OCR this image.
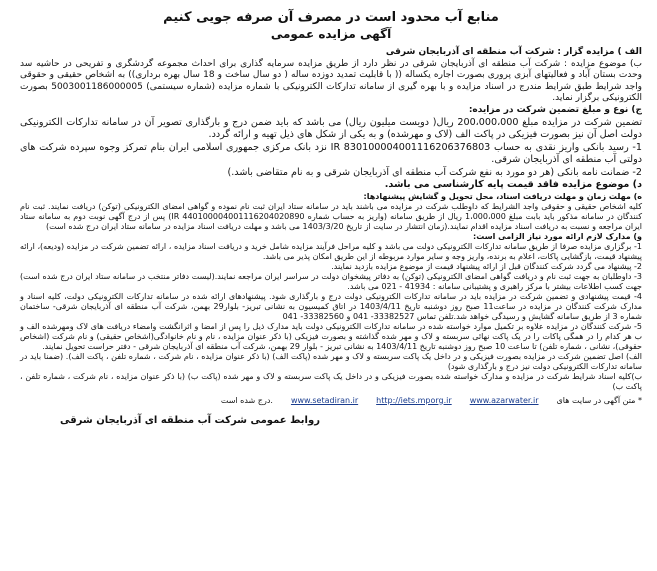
منابع آب محدود است در مصرف آن صرفه جویی کنیم
آگهی مزایده عمومی

الف ) مزایده گزار : شرکت آب منطقه ای آذربایجان شرقی

ب) موضوع مزایده : شرکت آب منطقه ای آذربایجان شرقی در نظر دارد از طریق مزایده سرمایه گذاری برای احداث مجموعه گردشگری و تفریحی در حاشیه سد وحدت بستان آباد و فعالیتهای آبزی پروری بصورت اجاره یکساله (( با قابلیت تمدید دوزده ساله ( دو سال ساخت و 18 سال بهره برداری)) به اشخاص حقیقی و حقوقی واجد شرایط طبق شرایط مندرج در اسناد مزایده و با بهره گیری از سامانه تدارکات الکترونیکی با شماره مزایده (شماره سیستمی) 5003001186000005 بصورت الکترونیکی برگزار نماید.

ج) نوع و مبلغ تضمین شرکت در مزایده:

تضمین شرکت در مزایده مبلغ 200،000،000 ریال( دویست میلیون ریال) می باشد که باید ضمن درج و بارگذاری تصویر آن در سامانه تدارکات الکترونیکی دولت اصل آن نیز بصورت فیزیکی در پاکت الف (لاک و مهرشده) و به یکی از شکل های ذیل تهیه و ارائه گردد.

1- رسید بانکی واریز نقدی به حساب IR 830100004001116206376803 نزد بانک مرکزی جمهوری اسلامی ایران بنام تمرکز وجوه سپرده شرکت های دولتی آب منطقه ای آذربایجان شرقی.

2- ضمانت نامه بانکی (هر دو مورد به نفع شرکت آب منطقه ای آذربایجان شرقی و به نام متقاضی باشد.)

د) موضوع مزایده فاقد قیمت پایه کارشناسی می باشد.

ه) مهلت زمان و مهلت دریافت اسناد، محل تحویل و گشایش پیشنهادها:

کلیه اشخاص حقیقی و حقوقی واجد الشرایط که داوطلب شرکت در مزایده می باشند باید در سامانه ستاد ایران ثبت نام نموده و گواهی امضای الکترونیکی (توکن) دریافت نمایند. ثبت نام کنندگان در سامانه مذکور باید بابت مبلغ 1،000،000 ریال از طریق سامانه (واریز به حساب شماره IR 440100004001116204020890) پس از درج آگهی نوبت دوم به سامانه ستاد ایران مراجعه و نسبت به دریافت اسناد مزایده اقدام نمایند.(زمان انتشار در سایت از تاریخ 1403/3/20 می باشد و مهلت دریافت اسناد مزایده در سامانه ستاد ایران درج شده است)

و) مدارک لازم ارائه مورد نیاز الزامی است:

1- برگزاری مزایده صرفا از طریق سامانه تدارکات الکترونیکی دولت می باشد و کلیه مراحل فرآیند مزایده شامل خرید و دریافت اسناد مزایده ، ارائه تضمین شرکت در مزایده (ودیعه)، ارائه پیشنهاد قیمت، بازگشایی پاکات، اعلام به برنده، واریز وجه و سایر موارد مربوطه از این طریق امکان پذیر می باشد.

2- پیشنهاد می گردد شرکت کنندگان قبل از ارائه پیشنهاد قیمت از موضوع مزایده بازدید نمایند.

3- داوطلبان به جهت ثبت نام و دریافت گواهی امضای الکترونیکی (توکن) به دفاتر پیشخوان دولت در سراسر ایران مراجعه نمایند.(لیست دفاتر منتخب در سامانه ستاد ایران درج شده است) جهت کسب اطلاعات بیشتر با مرکز راهبری و پشتیبانی سامانه : 41934 - 021 می باشد.

4- قیمت پیشنهادی و تضمین شرکت در مزایده باید در سامانه تدارکات الکترونیکی دولت درج و بارگذاری شود. پیشنهادهای ارائه شده در سامانه تدارکات الکترونیکی دولت، کلیه اسناد و مدارک شرکت کنندگان در مزایده در ساعت11 صبح روز دوشنبه تاریخ 1403/4/11 در اتاق کمیسیون به نشانی تبریز- بلوار29 بهمن، شرکت آب منطقه ای آذربایجان شرقی- ساختمان شماره 3 از طریق سامانه گشایش و رسیدگی خواهد شد.تلفن تماس 33382527- 041 و 33382560- 041

5- شرکت کنندگان در مزایده علاوه بر تکمیل موارد خواسته شده در سامانه تدارکات الکترونیکی دولت باید مدارک ذیل را پس از امضا و اثرانگشت وامضاء دریافت های لاک ومهرشده الف و ب هر کدام را در همگی پاکات را در یک پاکت نهائی سربسته و لاک و مهر شده گذاشته و بصورت فیزیکی (با ذکر عنوان مزایده ، نام و نام خانوادگی(اشخاص حقیقی) و نام شرکت (اشخاص حقوقی)، نشانی ، شماره تلفن) تا ساعت 10 صبح روز دوشنبه تاریخ 1403/4/11 به نشانی تبریز - بلوار 29 بهمن، شرکت آب منطقه ای آذربایجان شرقی - دفتر حراست تحویل نمایند.

الف) اصل تضمین شرکت در مزایده بصورت فیزیکی و در داخل یک پاکت سربسته و لاک و مهر شده (پاکت الف) (با ذکر عنوان مزایده ، نام شرکت ، شماره تلفن ، پاکت الف). (ضمنا باید در سامانه تدارکات الکترونیکی دولت نیز درج و بارگذاری شود)

ب)کلیه اسناد شرایط شرکت در مزایده و مدارک خواسته شده بصورت فیزیکی و در داخل یک پاکت سربسته و لاک و مهر شده (پاکت ب) (با ذکر عنوان مزایده ، نام شرکت ، شماره تلفن ، پاکت ب)

درج شده است. www.setadiran.ir http://iets.mporg.ir www.azarwater.ir * متن آگهی در سایت های
روابط عمومی شرکت آب منطقه ای آذربایجان شرقی
